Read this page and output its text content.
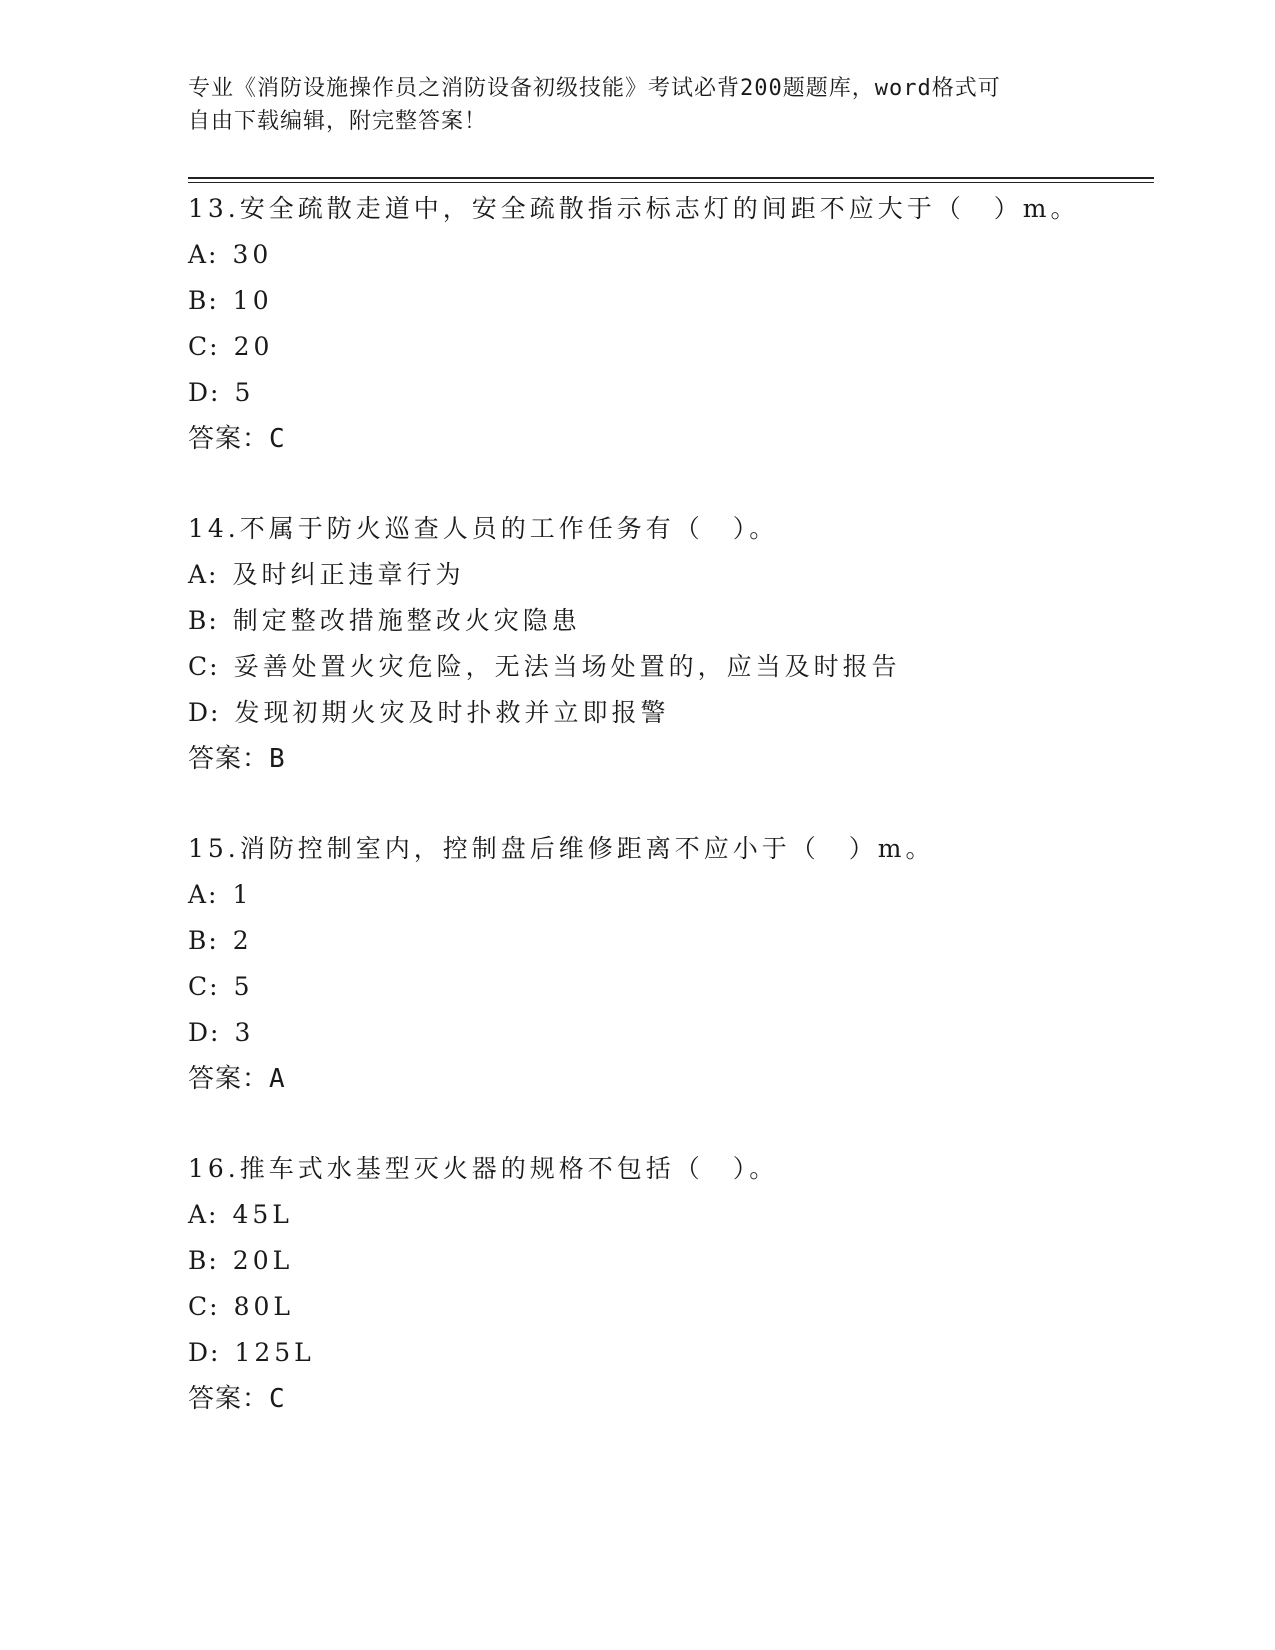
专业《消防设施操作员之消防设备初级技能》考试必背200题题库，word格式可
自由下载编辑，附完整答案！

13.安全疏散走道中，安全疏散指示标志灯的间距不应大于（　）m。

A: 30

B: 10

C: 20

D: 5

答案：C

14.不属于防火巡查人员的工作任务有（　）。

A: 及时纠正违章行为

B: 制定整改措施整改火灾隐患

C: 妥善处置火灾危险，无法当场处置的，应当及时报告

D: 发现初期火灾及时扑救并立即报警

答案：B

15.消防控制室内，控制盘后维修距离不应小于（　）m。

A: 1

B: 2

C: 5

D: 3

答案：A

16.推车式水基型灭火器的规格不包括（　）。

A: 45L

B: 20L

C: 80L

D: 125L

答案：C
